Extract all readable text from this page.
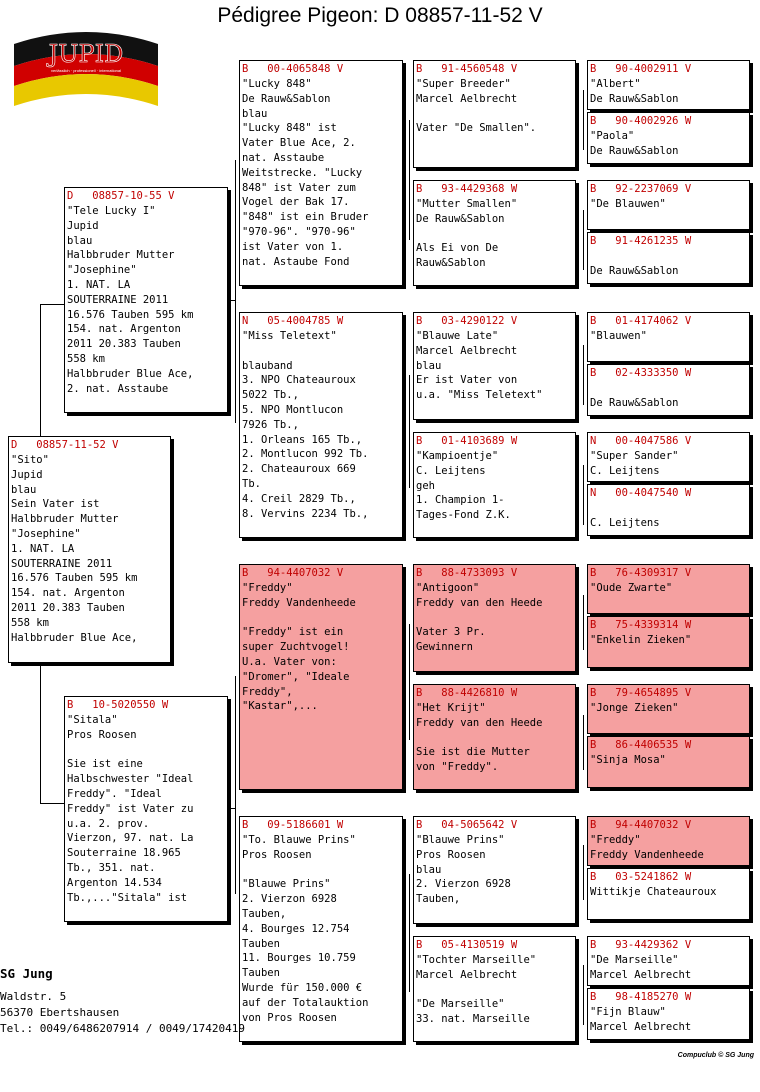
Pédigree Pigeon: D 08857-11-52 V
JUPID
verlässlich · professionell · international
D   08857-11-52 V
"Sito"
Jupid
blau
Sein Vater ist
Halbbruder Mutter
"Josephine"
1. NAT. LA
SOUTERRAINE 2011
16.576 Tauben 595 km
154. nat. Argenton
2011 20.383 Tauben
558 km
Halbbruder Blue Ace,
D   08857-10-55 V
"Tele Lucky I"
Jupid
blau
Halbbruder Mutter
"Josephine"
1. NAT. LA
SOUTERRAINE 2011
16.576 Tauben 595 km
154. nat. Argenton
2011 20.383 Tauben
558 km
Halbbruder Blue Ace,
2. nat. Asstaube
B   10-5020550 W
"Sitala"
Pros Roosen

Sie ist eine
Halbschwester "Ideal
Freddy". "Ideal
Freddy" ist Vater zu
u.a. 2. prov.
Vierzon, 97. nat. La
Souterraine 18.965
Tb., 351. nat.
Argenton 14.534
Tb.,..."Sitala" ist
B   00-4065848 V
"Lucky 848"
De Rauw&Sablon
blau
"Lucky 848" ist
Vater Blue Ace, 2.
nat. Asstaube
Weitstrecke. "Lucky
848" ist Vater zum
Vogel der Bak 17.
"848" ist ein Bruder
"970-96". "970-96"
ist Vater von 1.
nat. Astaube Fond
N   05-4004785 W
"Miss Teletext"

blauband
3. NPO Chateauroux
5022 Tb.,
5. NPO Montlucon
7926 Tb.,
1. Orleans 165 Tb.,
2. Montlucon 992 Tb.
2. Chateauroux 669
Tb.
4. Creil 2829 Tb.,
8. Vervins 2234 Tb.,
B   94-4407032 V
"Freddy"
Freddy Vandenheede

"Freddy" ist ein
super Zuchtvogel!
U.a. Vater von:
"Dromer", "Ideale
Freddy",
"Kastar",...
B   09-5186601 W
"To. Blauwe Prins"
Pros Roosen

"Blauwe Prins"
2. Vierzon 6928
Tauben,
4. Bourges 12.754
Tauben
11. Bourges 10.759
Tauben
Wurde für 150.000 €
auf der Totalauktion
von Pros Roosen
B   91-4560548 V
"Super Breeder"
Marcel Aelbrecht

Vater "De Smallen".
B   93-4429368 W
"Mutter Smallen"
De Rauw&Sablon

Als Ei von De
Rauw&Sablon
B   03-4290122 V
"Blauwe Late"
Marcel Aelbrecht
blau
Er ist Vater von
u.a. "Miss Teletext"
B   01-4103689 W
"Kampioentje"
C. Leijtens
geh
1. Champion 1-
Tages-Fond Z.K.
B   88-4733093 V
"Antigoon"
Freddy van den Heede

Vater 3 Pr.
Gewinnern
B   88-4426810 W
"Het Krijt"
Freddy van den Heede

Sie ist die Mutter
von "Freddy".
B   04-5065642 V
"Blauwe Prins"
Pros Roosen
blau
2. Vierzon 6928
Tauben,
B   05-4130519 W
"Tochter Marseille"
Marcel Aelbrecht

"De Marseille"
33. nat. Marseille
B   90-4002911 V
"Albert"
De Rauw&Sablon
B   90-4002926 W
"Paola"
De Rauw&Sablon
B   92-2237069 V
"De Blauwen"
B   91-4261235 W

De Rauw&Sablon
B   01-4174062 V
"Blauwen"
B   02-4333350 W

De Rauw&Sablon
N   00-4047586 V
"Super Sander"
C. Leijtens
N   00-4047540 W

C. Leijtens
B   76-4309317 V
"Oude Zwarte"
B   75-4339314 W
"Enkelin Zieken"
B   79-4654895 V
"Jonge Zieken"
B   86-4406535 W
"Sinja Mosa"
B   94-4407032 V
"Freddy"
Freddy Vandenheede
B   03-5241862 W
Wittikje Chateauroux
B   93-4429362 V
"De Marseille"
Marcel Aelbrecht
B   98-4185270 W
"Fijn Blauw"
Marcel Aelbrecht
SG Jung
Waldstr. 5
56370 Ebertshausen
Tel.: 0049/6486207914 / 0049/17420419
Compuclub © SG Jung
